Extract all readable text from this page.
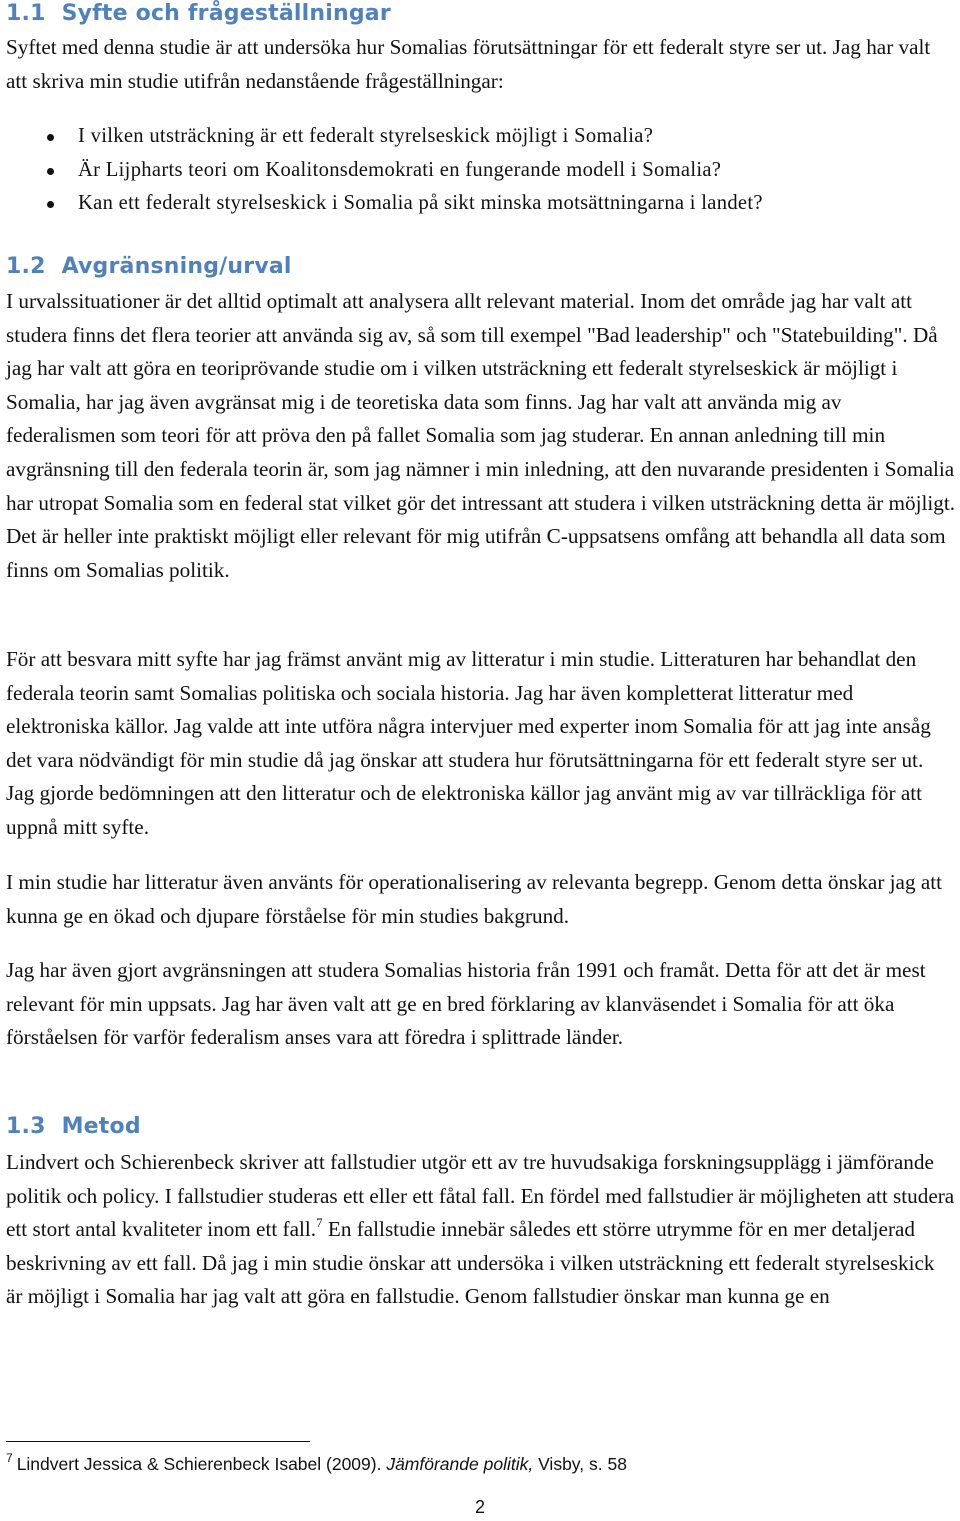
1.1 Syfte och frågeställningar

Syftet med denna studie är att undersöka hur Somalias förutsättningar för ett federalt styre ser ut. Jag har valt att skriva min studie utifrån nedanstående frågeställningar:

I vilken utsträckning är ett federalt styrelseskick möjligt i Somalia?
Är Lijpharts teori om Koalitonsdemokrati en fungerande modell i Somalia?
Kan ett federalt styrelseskick i Somalia på sikt minska motsättningarna i landet?
1.2 Avgränsning/urval

I urvalssituationer är det alltid optimalt att analysera allt relevant material. Inom det område jag har valt att studera finns det flera teorier att använda sig av, så som till exempel "Bad leadership" och "Statebuilding". Då jag har valt att göra en teoriprövande studie om i vilken utsträckning ett federalt styrelseskick är möjligt i Somalia, har jag även avgränsat mig i de teoretiska data som finns. Jag har valt att använda mig av federalismen som teori för att pröva den på fallet Somalia som jag studerar. En annan anledning till min avgränsning till den federala teorin är, som jag nämner i min inledning, att den nuvarande presidenten i Somalia har utropat Somalia som en federal stat vilket gör det intressant att studera i vilken utsträckning detta är möjligt. Det är heller inte praktiskt möjligt eller relevant för mig utifrån C-uppsatsens omfång att behandla all data som finns om Somalias politik.

För att besvara mitt syfte har jag främst använt mig av litteratur i min studie. Litteraturen har behandlat den federala teorin samt Somalias politiska och sociala historia. Jag har även kompletterat litteratur med elektroniska källor. Jag valde att inte utföra några intervjuer med experter inom Somalia för att jag inte ansåg det vara nödvändigt för min studie då jag önskar att studera hur förutsättningarna för ett federalt styre ser ut. Jag gjorde bedömningen att den litteratur och de elektroniska källor jag använt mig av var tillräckliga för att uppnå mitt syfte.

I min studie har litteratur även använts för operationalisering av relevanta begrepp. Genom detta önskar jag att kunna ge en ökad och djupare förståelse för min studies bakgrund.

Jag har även gjort avgränsningen att studera Somalias historia från 1991 och framåt. Detta för att det är mest relevant för min uppsats. Jag har även valt att ge en bred förklaring av klanväsendet i Somalia för att öka förståelsen för varför federalism anses vara att föredra i splittrade länder.

1.3 Metod

Lindvert och Schierenbeck skriver att fallstudier utgör ett av tre huvudsakiga forskningsupplägg i jämförande politik och policy. I fallstudier studeras ett eller ett fåtal fall. En fördel med fallstudier är möjligheten att studera ett stort antal kvaliteter inom ett fall.$^7$ En fallstudie innebär således ett större utrymme för en mer detaljerad beskrivning av ett fall. Då jag i min studie önskar att undersöka i vilken utsträckning ett federalt styrelseskick är möjligt i Somalia har jag valt att göra en fallstudie. Genom fallstudier önskar man kunna ge en

$^7$ Lindvert Jessica & Schierenbeck Isabel (2009). Jämförande politik, Visby, s. 58
2
